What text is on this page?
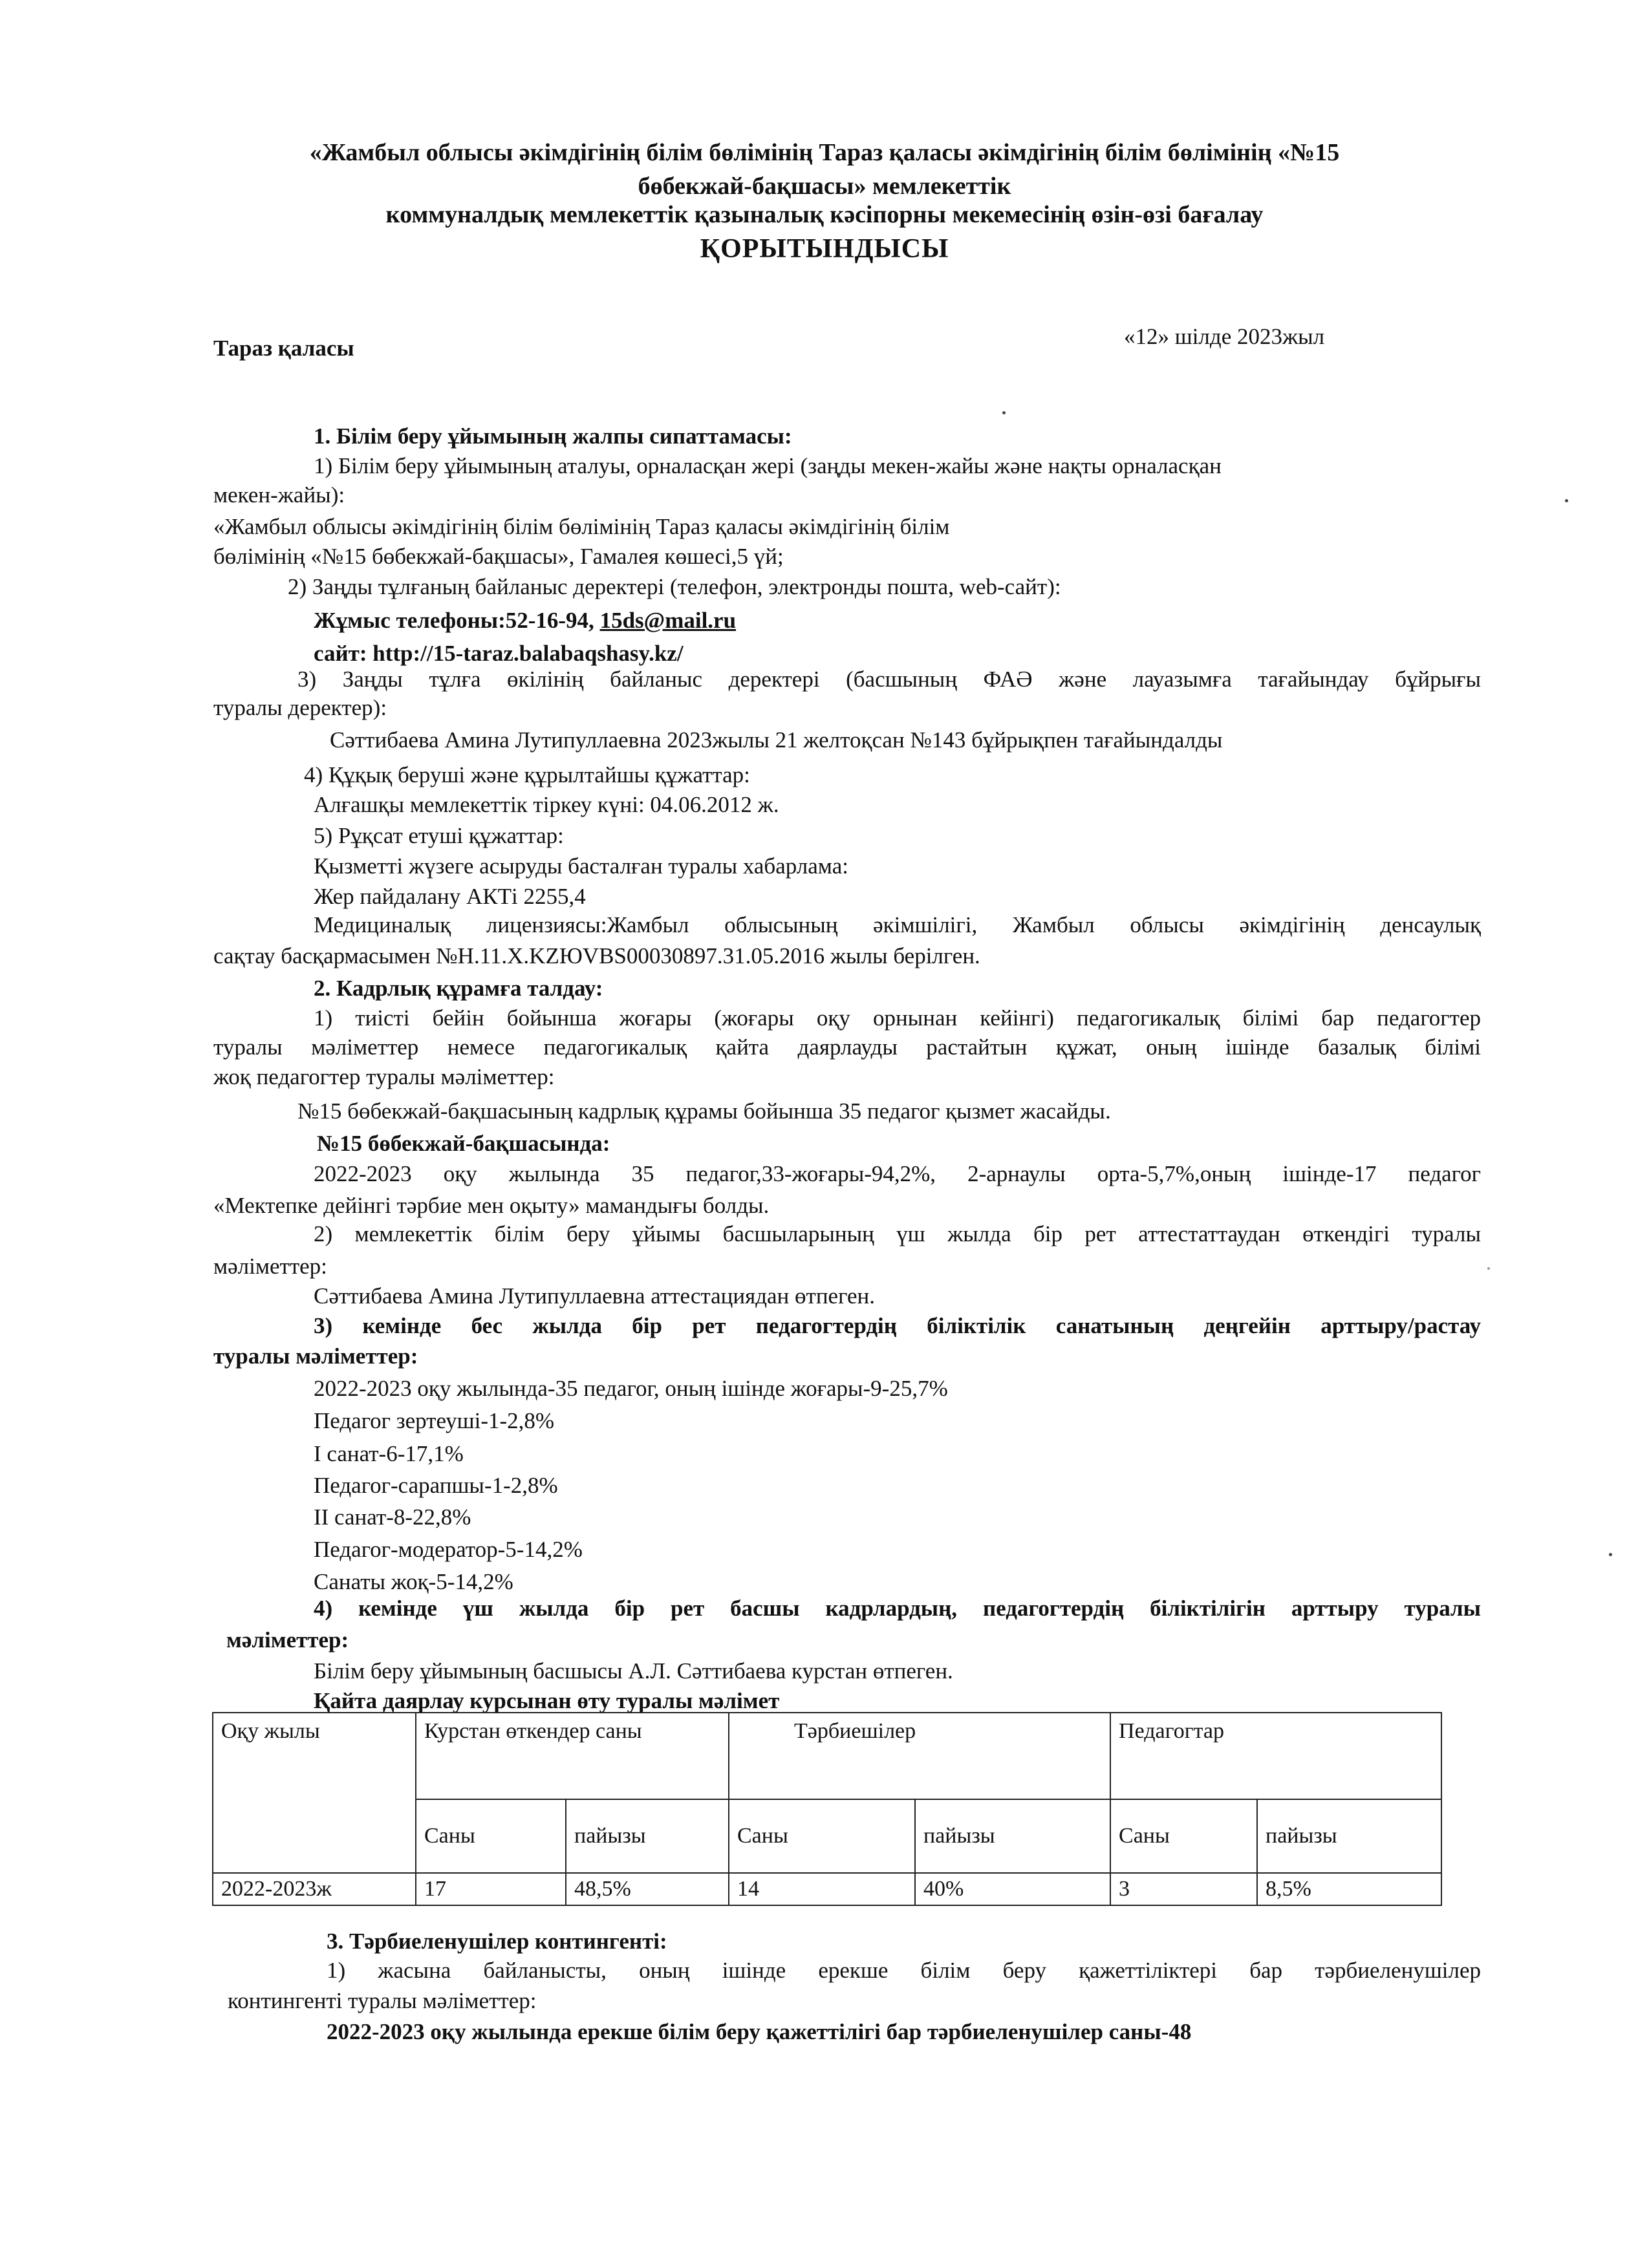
«Жамбыл облысы әкімдігінің білім бөлімінің Тараз қаласы әкімдігінің білім бөлімінің «№15
бөбекжай-бақшасы» мемлекеттік
коммуналдық мемлекеттік қазыналық кәсіпорны мекемесінің өзін-өзі бағалау
ҚОРЫТЫНДЫСЫ
Тараз қаласы	«12» шілде 2023жыл
1. Білім беру ұйымының жалпы сипаттамасы:
1) Білім беру ұйымының аталуы, орналасқан жері (заңды мекен-жайы және нақты орналасқан
мекен-жайы):
«Жамбыл облысы әкімдігінің білім бөлімінің Тараз қаласы әкімдігінің білім
бөлімінің «№15 бөбекжай-бақшасы», Гамалея көшесі,5 үй;
2) Заңды тұлғаның байланыс деректері (телефон, электронды пошта, web-сайт):
Жұмыс телефоны:52-16-94, 15ds@mail.ru
сайт: http://15-taraz.balabaqshasy.kz/
3) Заңды тұлға өкілінің байланыс деректері (басшының ФАӘ және лауазымға тағайындау бұйрығы
туралы деректер):
Сәттибаева Амина Лутипуллаевна 2023жылы 21 желтоқсан №143 бұйрықпен тағайындалды
4) Құқық беруші және құрылтайшы құжаттар:
Алғашқы мемлекеттік тіркеу күні: 04.06.2012 ж.
5) Рұқсат етуші құжаттар:
Қызметті жүзеге асыруды басталған туралы хабарлама:
Жер пайдалану АКТі 2255,4
Медициналық лицензиясы:Жамбыл облысының әкімшілігі, Жамбыл облысы әкімдігінің денсаулық
сақтау басқармасымен №Н.11.Х.KZЮVBS00030897.31.05.2016 жылы берілген.
2. Кадрлық құрамға талдау:
1) тиісті бейін бойынша жоғары (жоғары оқу орнынан кейінгі) педагогикалық білімі бар педагогтер
туралы мәліметтер немесе педагогикалық қайта даярлауды растайтын құжат, оның ішінде базалық білімі
жоқ педагогтер туралы мәліметтер:
№15 бөбекжай-бақшасының кадрлық құрамы бойынша 35 педагог қызмет жасайды.
№15 бөбекжай-бақшасында:
2022-2023 оқу жылында 35 педагог,33-жоғары-94,2%, 2-арнаулы орта-5,7%,оның ішінде-17 педагог
«Мектепке дейінгі тәрбие мен оқыту» мамандығы болды.
2) мемлекеттік білім беру ұйымы басшыларының үш жылда бір рет аттестаттаудан өткендігі туралы
мәліметтер:
Сәттибаева Амина Лутипуллаевна аттестациядан өтпеген.
3) кемінде бес жылда бір рет педагогтердің біліктілік санатының деңгейін арттыру/растау
туралы мәліметтер:
2022-2023 оқу жылында-35 педагог, оның ішінде жоғары-9-25,7%
Педагог зертеуші-1-2,8%
I санат-6-17,1%
Педагог-сарапшы-1-2,8%
II санат-8-22,8%
Педагог-модератор-5-14,2%
Санаты жоқ-5-14,2%
4) кемінде үш жылда бір рет басшы кадрлардың, педагогтердің біліктілігін арттыру туралы
мәліметтер:
Білім беру ұйымының басшысы А.Л. Сәттибаева курстан өтпеген.
Қайта даярлау курсынан өту туралы мәлімет
Оқу жылы	Курстан өткендер саны		Тәрбиешілер		Педагогтар	
	Саны	пайызы	Саны	пайызы	Саны	пайызы
2022-2023ж	17	48,5%	14	40%	3	8,5%
3. Тәрбиеленушілер контингенті:
1) жасына байланысты, оның ішінде ерекше білім беру қажеттіліктері бар тәрбиеленушілер
контингенті туралы мәліметтер:
2022-2023 оқу жылында ерекше білім беру қажеттілігі бар тәрбиеленушілер саны-48
